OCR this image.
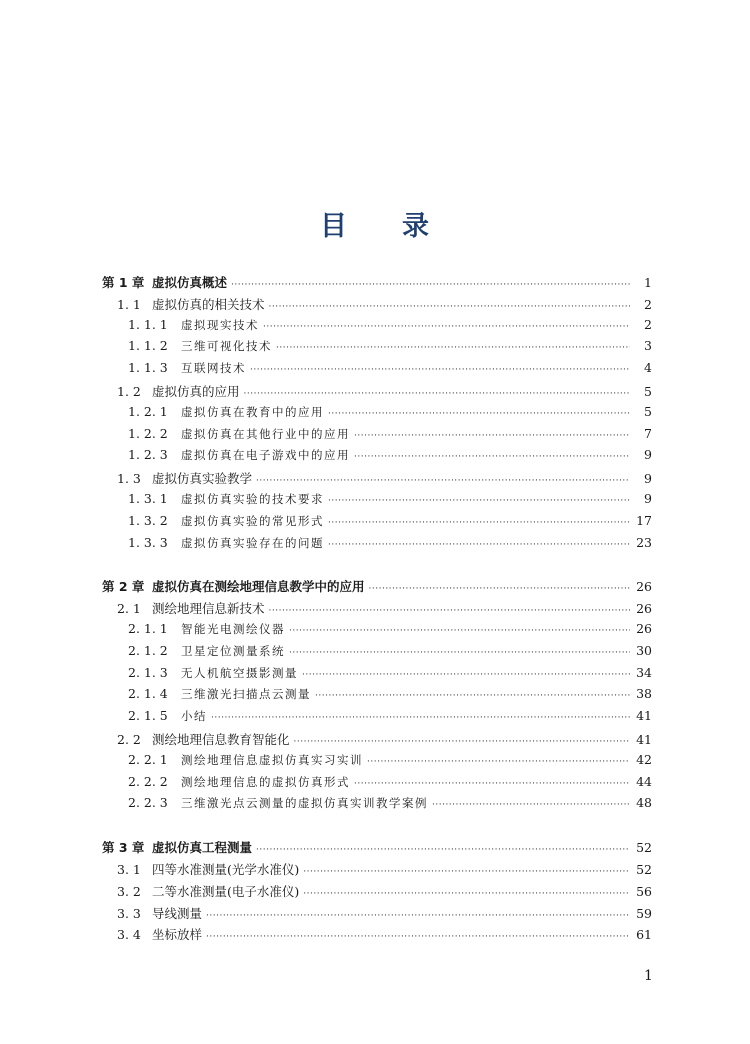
目 录
第 1 章 虚拟仿真概述 ·····	1
1. 1 虚拟仿真的相关技术 ·····	2
1. 1. 1	虚拟现实技术 ·····	2
1. 1. 2	三维可视化技术 ·····	3
1. 1. 3	互联网技术 ·····	4
1. 2 虚拟仿真的应用 ·····	5
1. 2. 1	虚拟仿真在教育中的应用 ·····	5
1. 2. 2	虚拟仿真在其他行业中的应用 ·····	7
1. 2. 3	虚拟仿真在电子游戏中的应用 ·····	9
1. 3 虚拟仿真实验教学 ·····	9
1. 3. 1	虚拟仿真实验的技术要求 ·····	9
1. 3. 2	虚拟仿真实验的常见形式 ·····	17
1. 3. 3	虚拟仿真实验存在的问题 ·····	23
第 2 章 虚拟仿真在测绘地理信息教学中的应用 ·····	26
2. 1 测绘地理信息新技术 ·····	26
2. 1. 1	智能光电测绘仪器 ·····	26
2. 1. 2	卫星定位测量系统 ·····	30
2. 1. 3	无人机航空摄影测量 ·····	34
2. 1. 4	三维激光扫描点云测量 ·····	38
2. 1. 5	小结 ·····	41
2. 2 测绘地理信息教育智能化 ·····	41
2. 2. 1	测绘地理信息虚拟仿真实习实训 ·····	42
2. 2. 2	测绘地理信息的虚拟仿真形式 ·····	44
2. 2. 3	三维激光点云测量的虚拟仿真实训教学案例 ·····	48
第 3 章 虚拟仿真工程测量 ·····	52
3. 1 四等水准测量(光学水准仪) ·····	52
3. 2 二等水准测量(电子水准仪) ·····	56
3. 3 导线测量 ·····	59
3. 4 坐标放样 ·····	61
1
